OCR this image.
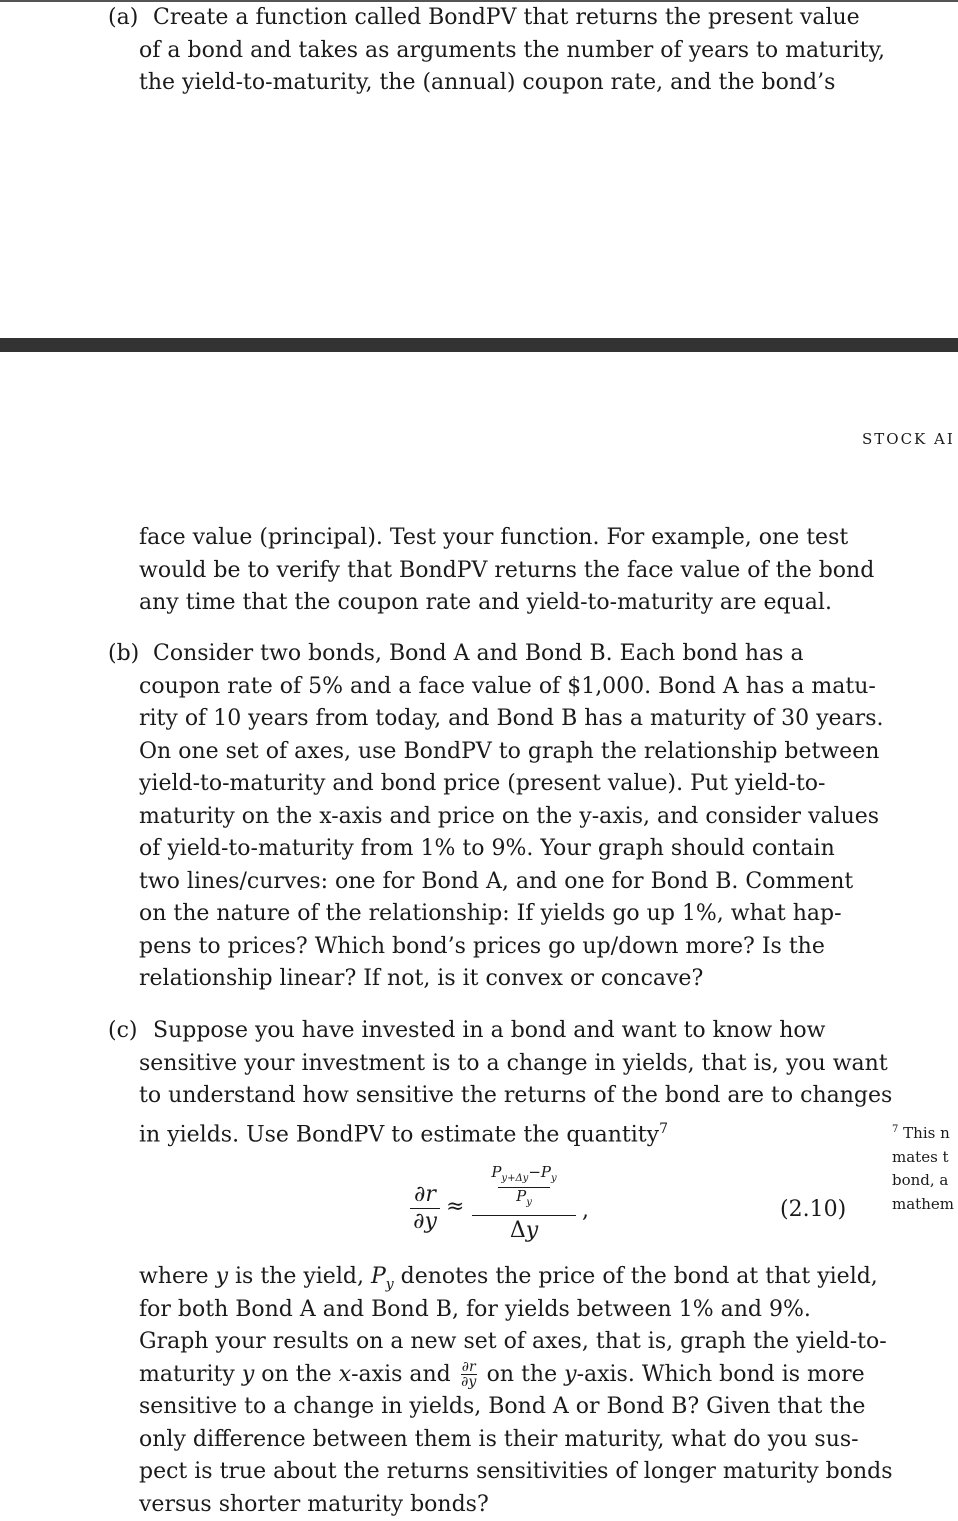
(a) Create a function called BondPV that returns the present value
of a bond and takes as arguments the number of years to maturity,
the yield-to-maturity, the (annual) coupon rate, and the bond’s
STOCK AI
face value (principal). Test your function. For example, one test
would be to verify that BondPV returns the face value of the bond
any time that the coupon rate and yield-to-maturity are equal.
(b) Consider two bonds, Bond A and Bond B. Each bond has a
coupon rate of 5% and a face value of $1,000. Bond A has a matu-
rity of 10 years from today, and Bond B has a maturity of 30 years.
On one set of axes, use BondPV to graph the relationship between
yield-to-maturity and bond price (present value). Put yield-to-
maturity on the x-axis and price on the y-axis, and consider values
of yield-to-maturity from 1% to 9%. Your graph should contain
two lines/curves: one for Bond A, and one for Bond B. Comment
on the nature of the relationship: If yields go up 1%, what hap-
pens to prices? Which bond’s prices go up/down more? Is the
relationship linear? If not, is it convex or concave?
(c) Suppose you have invested in a bond and want to know how
sensitive your investment is to a change in yields, that is, you want
to understand how sensitive the returns of the bond are to changes
in yields. Use BondPV to estimate the quantity$^7$
$\frac{\partial r}{\partial y}$ ≈
$P_{y+\Delta y}-P_y$
$P_y$
Δy
,	(2.10)
where y is the yield, $P_y$ denotes the price of the bond at that yield,
for both Bond A and Bond B, for yields between 1% and 9%.
Graph your results on a new set of axes, that is, graph the yield-to-
maturity y on the x-axis and $\frac{\partial r}{\partial y}$ on the y-axis. Which bond is more
sensitive to a change in yields, Bond A or Bond B? Given that the
only difference between them is their maturity, what do you sus-
pect is true about the returns sensitivities of longer maturity bonds
versus shorter maturity bonds?
$^7$ This n
mates t
bond, a
mathem
